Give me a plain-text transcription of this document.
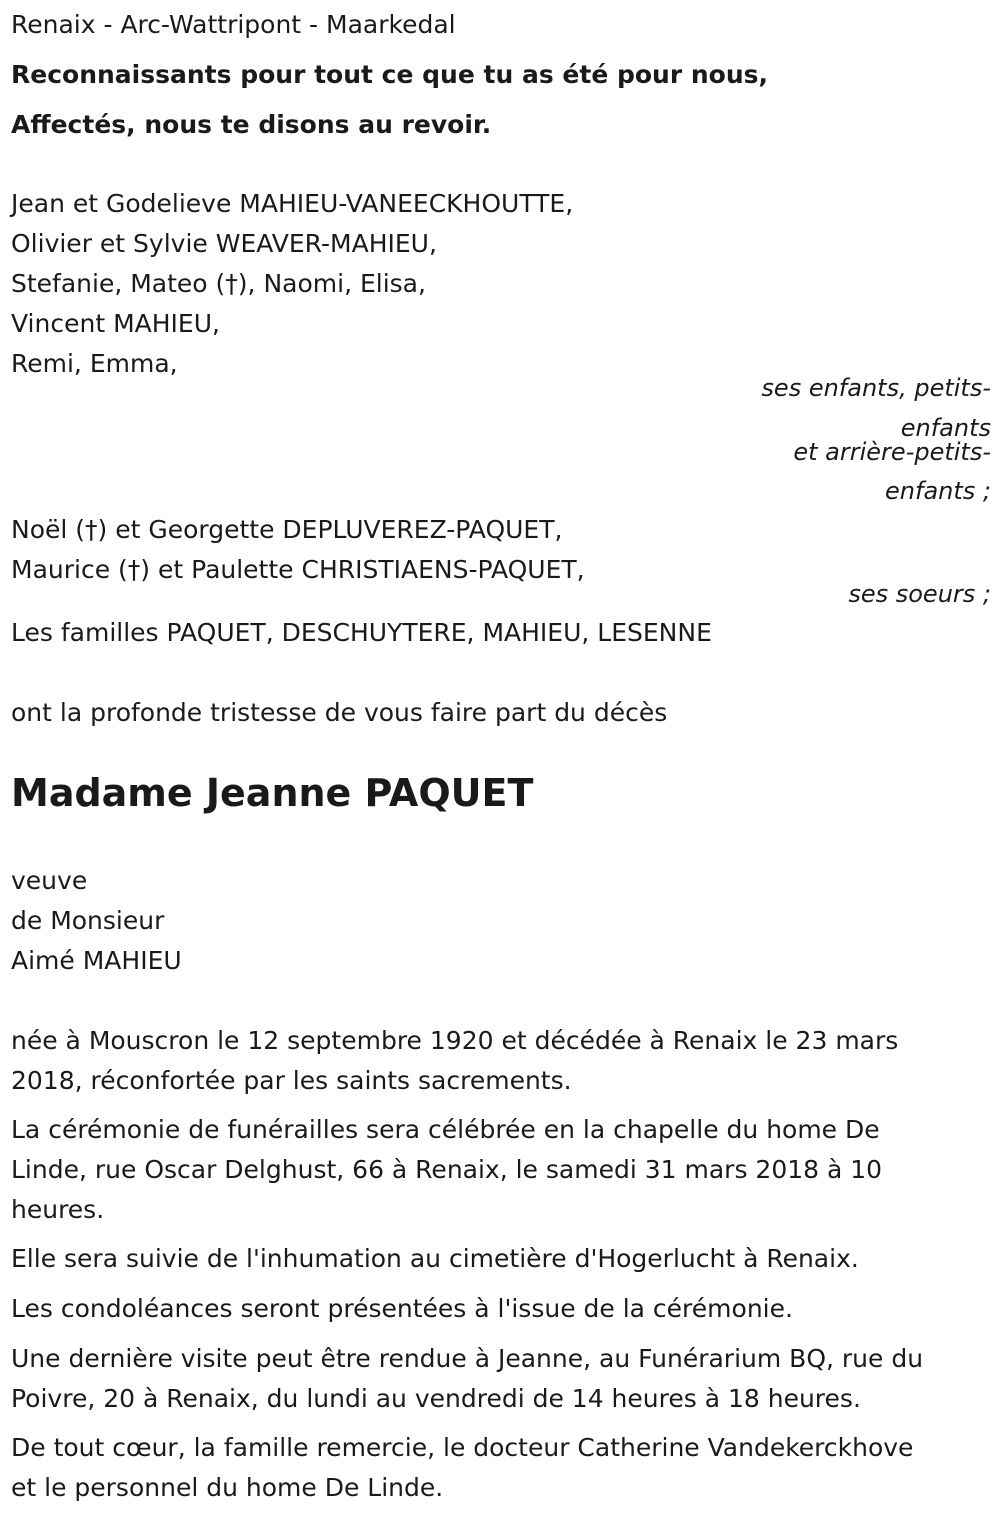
Renaix - Arc-Wattripont - Maarkedal

Reconnaissants pour tout ce que tu as été pour nous,

Affectés, nous te disons au revoir.

Jean et Godelieve MAHIEU-VANEECKHOUTTE,

Olivier et Sylvie WEAVER-MAHIEU,

Stefanie, Mateo (†), Naomi, Elisa,

Vincent MAHIEU,

Remi, Emma,

ses enfants, petits-
enfants
et arrière-petits-
enfants ;

Noël (†) et Georgette DEPLUVEREZ-PAQUET,

Maurice (†) et Paulette CHRISTIAENS-PAQUET,

ses soeurs ;

Les familles PAQUET, DESCHUYTERE, MAHIEU, LESENNE

ont la profonde tristesse de vous faire part du décès

Madame Jeanne PAQUET

veuve

de Monsieur

Aimé MAHIEU

née à Mouscron le 12 septembre 1920 et décédée à Renaix le 23 mars

2018, réconfortée par les saints sacrements.

La cérémonie de funérailles sera célébrée en la chapelle du home De

Linde, rue Oscar Delghust, 66 à Renaix, le samedi 31 mars 2018 à 10

heures.

Elle sera suivie de l'inhumation au cimetière d'Hogerlucht à Renaix.

Les condoléances seront présentées à l'issue de la cérémonie.

Une dernière visite peut être rendue à Jeanne, au Funérarium BQ, rue du

Poivre, 20 à Renaix, du lundi au vendredi de 14 heures à 18 heures.

De tout cœur, la famille remercie, le docteur Catherine Vandekerckhove

et le personnel du home De Linde.
